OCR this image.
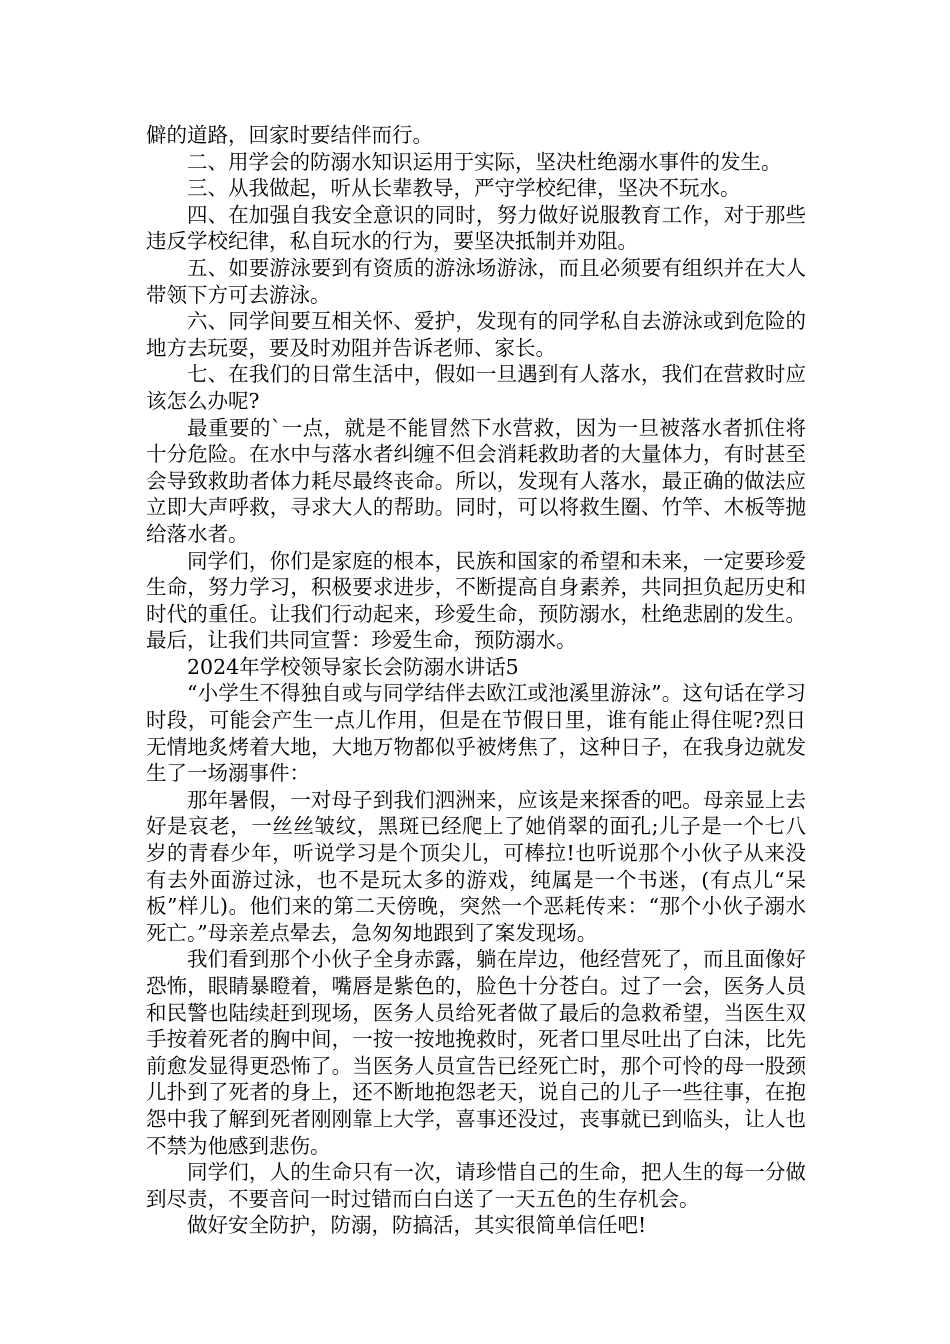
僻的道路，回家时要结伴而行。

二、用学会的防溺水知识运用于实际，坚决杜绝溺水事件的发生。

三、从我做起，听从长辈教导，严守学校纪律，坚决不玩水。

四、在加强自我安全意识的同时，努力做好说服教育工作，对于那些违反学校纪律，私自玩水的行为，要坚决抵制并劝阻。

五、如要游泳要到有资质的游泳场游泳，而且必须要有组织并在大人带领下方可去游泳。

六、同学间要互相关怀、爱护，发现有的同学私自去游泳或到危险的地方去玩耍，要及时劝阻并告诉老师、家长。

七、在我们的日常生活中，假如一旦遇到有人落水，我们在营救时应该怎么办呢?

最重要的`一点，就是不能冒然下水营救，因为一旦被落水者抓住将十分危险。在水中与落水者纠缠不但会消耗救助者的大量体力，有时甚至会导致救助者体力耗尽最终丧命。所以，发现有人落水，最正确的做法应立即大声呼救，寻求大人的帮助。同时，可以将救生圈、竹竿、木板等抛给落水者。

同学们，你们是家庭的根本，民族和国家的希望和未来，一定要珍爱生命，努力学习，积极要求进步，不断提高自身素养，共同担负起历史和时代的重任。让我们行动起来，珍爱生命，预防溺水，杜绝悲剧的发生。最后，让我们共同宣誓：珍爱生命，预防溺水。

2024年学校领导家长会防溺水讲话5

“小学生不得独自或与同学结伴去欧江或池溪里游泳”。这句话在学习时段，可能会产生一点儿作用，但是在节假日里，谁有能止得住呢?烈日无情地炙烤着大地，大地万物都似乎被烤焦了，这种日子，在我身边就发生了一场溺事件：

那年暑假，一对母子到我们泗洲来，应该是来探香的吧。母亲显上去好是哀老，一丝丝皱纹，黑斑已经爬上了她俏翠的面孔;儿子是一个七八岁的青春少年，听说学习是个顶尖儿，可棒拉!也听说那个小伙子从来没有去外面游过泳，也不是玩太多的游戏，纯属是一个书迷，(有点儿“呆板”样儿)。他们来的第二天傍晚，突然一个恶耗传来：“那个小伙子溺水死亡。”母亲差点晕去，急匆匆地跟到了案发现场。

我们看到那个小伙子全身赤露，躺在岸边，他经营死了，而且面像好恐怖，眼睛暴瞪着，嘴唇是紫色的，脸色十分苍白。过了一会，医务人员和民警也陆续赶到现场，医务人员给死者做了最后的急救希望，当医生双手按着死者的胸中间，一按一按地挽救时，死者口里尽吐出了白沫，比先前愈发显得更恐怖了。当医务人员宣告已经死亡时，那个可怜的母一股颈儿扑到了死者的身上，还不断地抱怨老天，说自己的儿子一些往事，在抱怨中我了解到死者刚刚靠上大学，喜事还没过，丧事就已到临头，让人也不禁为他感到悲伤。

同学们，人的生命只有一次，请珍惜自己的生命，把人生的每一分做到尽责，不要音问一时过错而白白送了一天五色的生存机会。

做好安全防护，防溺，防搞活，其实很简单信任吧!
